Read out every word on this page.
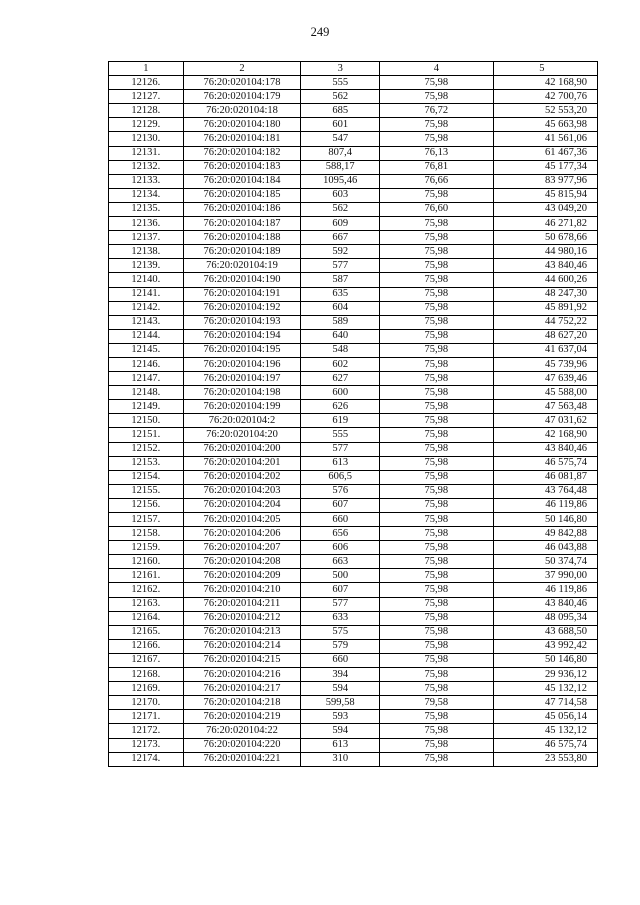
249
1	2	3	4	5
12126.	76:20:020104:178	555	75,98	42 168,90
12127.	76:20:020104:179	562	75,98	42 700,76
12128.	76:20:020104:18	685	76,72	52 553,20
12129.	76:20:020104:180	601	75,98	45 663,98
12130.	76:20:020104:181	547	75,98	41 561,06
12131.	76:20:020104:182	807,4	76,13	61 467,36
12132.	76:20:020104:183	588,17	76,81	45 177,34
12133.	76:20:020104:184	1095,46	76,66	83 977,96
12134.	76:20:020104:185	603	75,98	45 815,94
12135.	76:20:020104:186	562	76,60	43 049,20
12136.	76:20:020104:187	609	75,98	46 271,82
12137.	76:20:020104:188	667	75,98	50 678,66
12138.	76:20:020104:189	592	75,98	44 980,16
12139.	76:20:020104:19	577	75,98	43 840,46
12140.	76:20:020104:190	587	75,98	44 600,26
12141.	76:20:020104:191	635	75,98	48 247,30
12142.	76:20:020104:192	604	75,98	45 891,92
12143.	76:20:020104:193	589	75,98	44 752,22
12144.	76:20:020104:194	640	75,98	48 627,20
12145.	76:20:020104:195	548	75,98	41 637,04
12146.	76:20:020104:196	602	75,98	45 739,96
12147.	76:20:020104:197	627	75,98	47 639,46
12148.	76:20:020104:198	600	75,98	45 588,00
12149.	76:20:020104:199	626	75,98	47 563,48
12150.	76:20:020104:2	619	75,98	47 031,62
12151.	76:20:020104:20	555	75,98	42 168,90
12152.	76:20:020104:200	577	75,98	43 840,46
12153.	76:20:020104:201	613	75,98	46 575,74
12154.	76:20:020104:202	606,5	75,98	46 081,87
12155.	76:20:020104:203	576	75,98	43 764,48
12156.	76:20:020104:204	607	75,98	46 119,86
12157.	76:20:020104:205	660	75,98	50 146,80
12158.	76:20:020104:206	656	75,98	49 842,88
12159.	76:20:020104:207	606	75,98	46 043,88
12160.	76:20:020104:208	663	75,98	50 374,74
12161.	76:20:020104:209	500	75,98	37 990,00
12162.	76:20:020104:210	607	75,98	46 119,86
12163.	76:20:020104:211	577	75,98	43 840,46
12164.	76:20:020104:212	633	75,98	48 095,34
12165.	76:20:020104:213	575	75,98	43 688,50
12166.	76:20:020104:214	579	75,98	43 992,42
12167.	76:20:020104:215	660	75,98	50 146,80
12168.	76:20:020104:216	394	75,98	29 936,12
12169.	76:20:020104:217	594	75,98	45 132,12
12170.	76:20:020104:218	599,58	79,58	47 714,58
12171.	76:20:020104:219	593	75,98	45 056,14
12172.	76:20:020104:22	594	75,98	45 132,12
12173.	76:20:020104:220	613	75,98	46 575,74
12174.	76:20:020104:221	310	75,98	23 553,80
